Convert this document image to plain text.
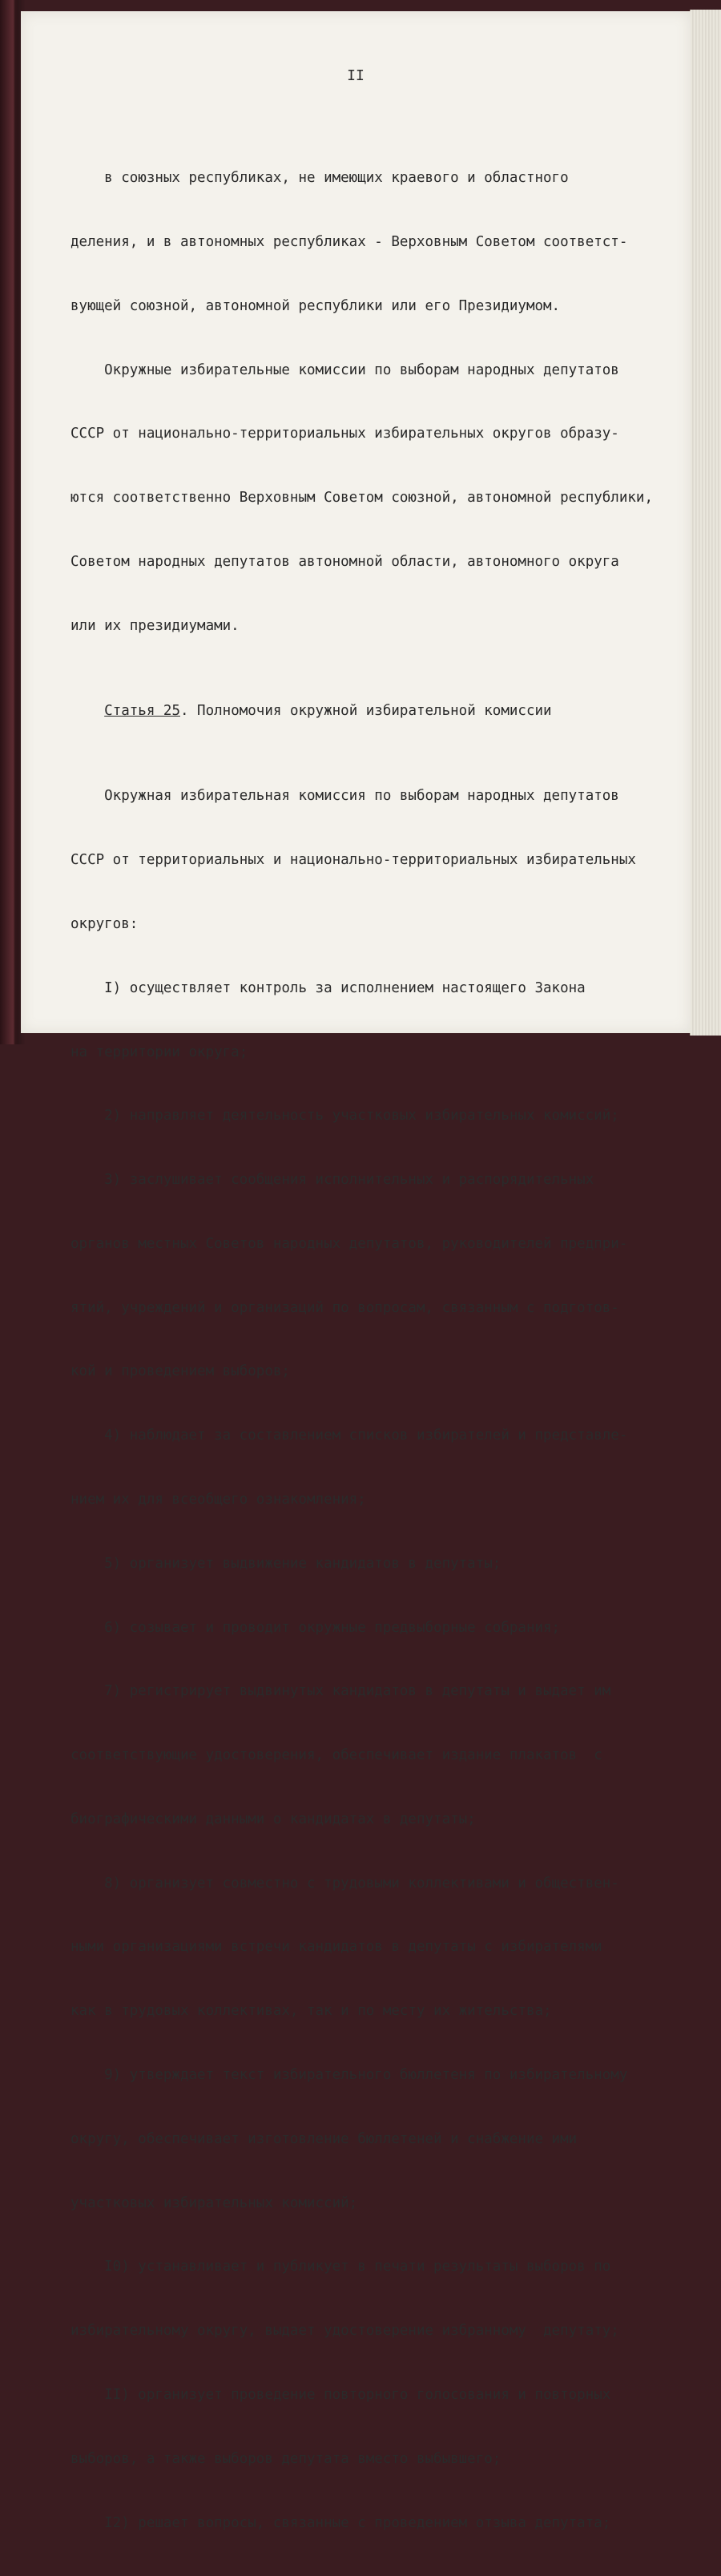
II

в союзных республиках, не имеющих краевого и областного

деления, и в автономных республиках - Верховным Советом соответст-

вующей союзной, автономной республики или его Президиумом.

Окружные избирательные комиссии по выборам народных депутатов

СССР от национально-территориальных избирательных округов образу-

ются соответственно Верховным Советом союзной, автономной республики,

Советом народных депутатов автономной области, автономного округа

или их президиумами.

Статья 25. Полномочия окружной избирательной комиссии

Окружная избирательная комиссия по выборам народных депутатов

СССР от территориальных и национально-территориальных избирательных

округов:

I) осуществляет контроль за исполнением настоящего Закона

на территории округа;

2) направляет деятельность участковых избирательных комиссий;

3) заслушивает сообщения исполнительных и распорядительных

органов местных Советов народных депутатов, руководителей предпри-

ятий, учреждений и организаций по вопросам, связанным с подготов-

кой и проведением выборов;

4) наблюдает за составлением списков избирателей и представле-

нием их для всеобщего ознакомления;

5) организует выдвижение кандидатов в депутаты;

6) созывает и проводит окружные предвыборные собрания;

7) регистрирует выдвинутых кандидатов в депутаты и выдает им

соответствующие удостоверения, обеспечивает издание плакатов  с

биографическими данными о кандидатах в депутаты;

8) организует совместно с трудовыми коллективами и обществен-

ными организациями встречи кандидатов в депутаты с избирателями

как в трудовых коллективах, так и по месту их жительства;

9) утверждает текст избирательного бюллетеня по избирательному

округу, обеспечивает изготовление бюллетеней и снабжение ими

участковых избирательных комиссий;

I0) устанавливает и публикует в печати результаты выборов по

избирательному округу, выдает удостоверение избранному  депутату;

II) организует проведение повторного голосования и повторных

выборов, а также выборов депутата вместо выбывшего;

I2) решает вопросы, связанные с проведением отзыва депутата;
